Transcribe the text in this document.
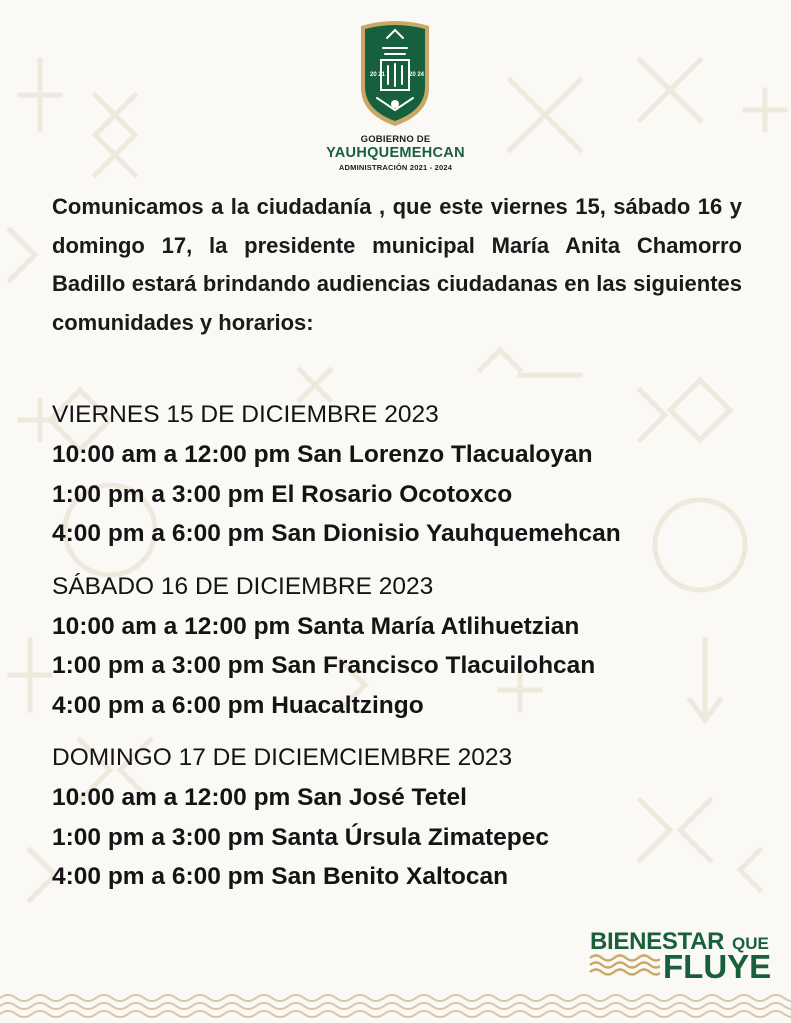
20 21	20 24
GOBIERNO DE
YAUHQUEMEHCAN
ADMINISTRACIÓN 2021 - 2024

Comunicamos a la ciudadanía , que este viernes 15, sábado 16 y domingo 17, la presidente municipal María Anita Chamorro Badillo estará brindando audiencias ciudadanas en las siguientes comunidades y horarios:

VIERNES 15 DE DICIEMBRE 2023
10:00 am a 12:00 pm San Lorenzo Tlacualoyan
1:00 pm a 3:00 pm El Rosario Ocotoxco
4:00 pm a 6:00 pm San Dionisio Yauhquemehcan
SÁBADO 16 DE DICIEMBRE 2023
10:00 am a 12:00 pm Santa María Atlihuetzian
1:00 pm a 3:00 pm San Francisco Tlacuilohcan
4:00 pm a 6:00 pm Huacaltzingo
DOMINGO 17 DE DICIEMCIEMBRE 2023
10:00 am a 12:00 pm San José Tetel
1:00 pm a 3:00 pm Santa Úrsula Zimatepec
4:00 pm a 6:00 pm San Benito Xaltocan
BIENESTAR QUE
FLUYE
